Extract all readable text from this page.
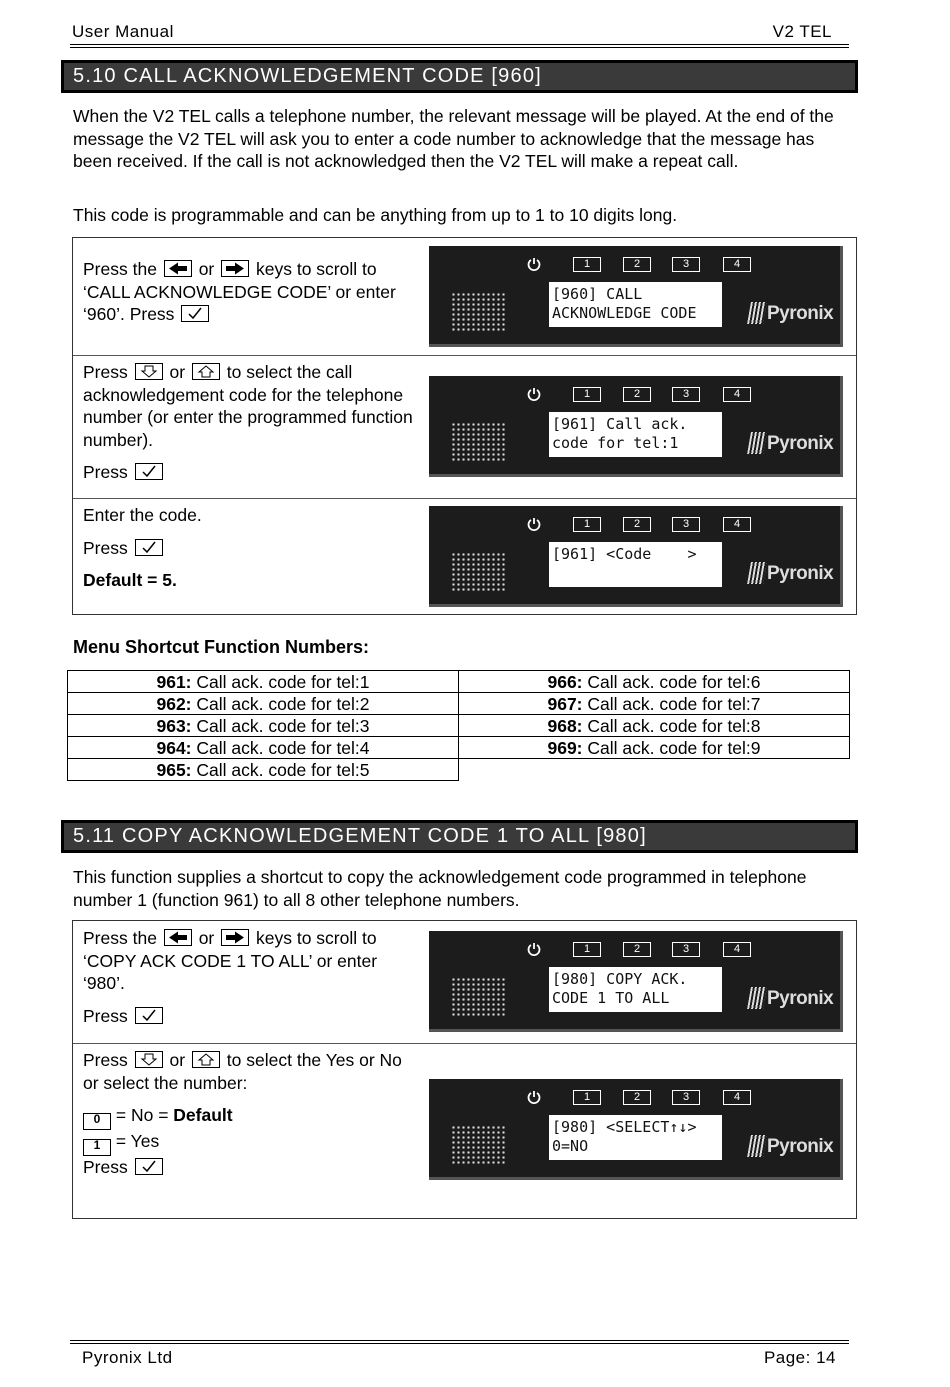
User Manual	V2 TEL
5.10 CALL ACKNOWLEDGEMENT CODE [960]
When the V2 TEL calls a telephone number, the relevant message will be played. At the end of the message the V2 TEL will ask you to enter a code number to acknowledge that the message has been received. If the call is not acknowledged then the V2 TEL will make a repeat call.
This code is programmable and can be anything from up to 1 to 10 digits long.
Press the or keys to scroll to ‘CALL ACKNOWLEDGE CODE’ or enter ‘960’. Press
1	2	3	4
[960] CALL
ACKNOWLEDGE CODE	Pyronix

Press or to select the call acknowledgement code for the telephone number (or enter the programmed function number).

Press

1	2	3	4
[961] Call ack.
code for tel:1	Pyronix

Enter the code.

Press

Default = 5.

1	2	3	4
[961] <Code    >
Pyronix
Menu Shortcut Function Numbers:
961: Call ack. code for tel:1	966: Call ack. code for tel:6
962: Call ack. code for tel:2	967: Call ack. code for tel:7
963: Call ack. code for tel:3	968: Call ack. code for tel:8
964: Call ack. code for tel:4	969: Call ack. code for tel:9
965: Call ack. code for tel:5	
5.11 COPY ACKNOWLEDGEMENT CODE 1 TO ALL [980]
This function supplies a shortcut to copy the acknowledgement code programmed in telephone number 1 (function 961) to all 8 other telephone numbers.

Press the or keys to scroll to ‘COPY ACK CODE 1 TO ALL’ or enter ‘980’.

Press

1	2	3	4
[980] COPY ACK.
CODE 1 TO ALL	Pyronix

Press or to select the Yes or No or select the number:

0 = No = Default

1 = Yes

Press

1	2	3	4
[980] <SELECT↑↓>
0=NO	Pyronix
Pyronix Ltd	Page: 14
